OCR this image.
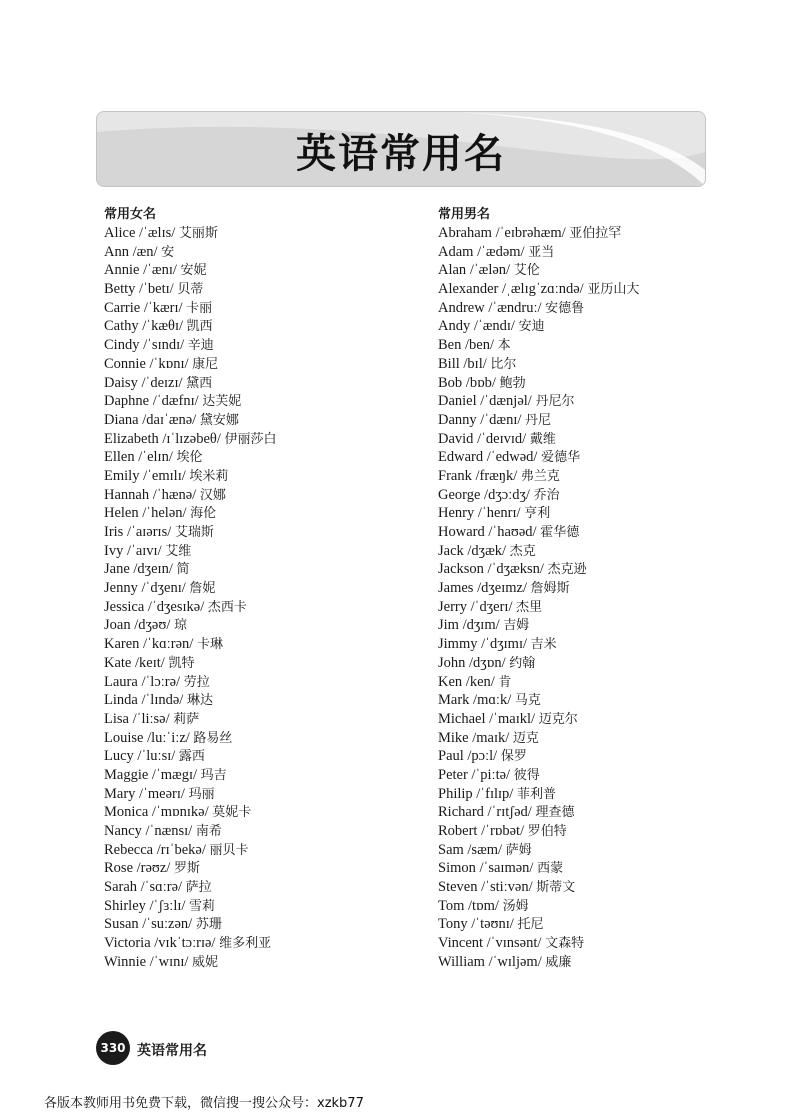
英语常用名
常用女名
Alice /ˈælɪs/ 艾丽斯
Ann /æn/ 安
Annie /ˈænɪ/ 安妮
Betty /ˈbetɪ/ 贝蒂
Carrie /ˈkærɪ/ 卡丽
Cathy /ˈkæθɪ/ 凯西
Cindy /ˈsɪndɪ/ 辛迪
Connie /ˈkɒnɪ/ 康尼
Daisy /ˈdeɪzɪ/ 黛西
Daphne /ˈdæfnɪ/ 达芙妮
Diana /daɪˈænə/ 黛安娜
Elizabeth /ɪˈlɪzəbeθ/ 伊丽莎白
Ellen /ˈelɪn/ 埃伦
Emily /ˈemɪlɪ/ 埃米莉
Hannah /ˈhænə/ 汉娜
Helen /ˈhelən/ 海伦
Iris /ˈaɪərɪs/ 艾瑞斯
Ivy /ˈaɪvɪ/ 艾维
Jane /dʒeɪn/ 简
Jenny /ˈdʒenɪ/ 詹妮
Jessica /ˈdʒesɪkə/ 杰西卡
Joan /dʒəʊ/ 琼
Karen /ˈkɑːrən/ 卡琳
Kate /keɪt/ 凯特
Laura /ˈlɔːrə/ 劳拉
Linda /ˈlɪndə/ 琳达
Lisa /ˈliːsə/ 莉萨
Louise /luːˈiːz/ 路易丝
Lucy /ˈluːsɪ/ 露西
Maggie /ˈmægɪ/ 玛吉
Mary /ˈmeərɪ/ 玛丽
Monica /ˈmɒnɪkə/ 莫妮卡
Nancy /ˈnænsɪ/ 南希
Rebecca /rɪˈbekə/ 丽贝卡
Rose /rəʊz/ 罗斯
Sarah /ˈsɑːrə/ 萨拉
Shirley /ˈʃɜːlɪ/ 雪莉
Susan /ˈsuːzən/ 苏珊
Victoria /vɪkˈtɔːrɪə/ 维多利亚
Winnie /ˈwɪnɪ/ 威妮
常用男名
Abraham /ˈeɪbrəhæm/ 亚伯拉罕
Adam /ˈædəm/ 亚当
Alan /ˈælən/ 艾伦
Alexander /ˌælɪgˈzɑːndə/ 亚历山大
Andrew /ˈændruː/ 安德鲁
Andy /ˈændɪ/ 安迪
Ben /ben/ 本
Bill /bɪl/ 比尔
Bob /bɒb/ 鲍勃
Daniel /ˈdænjəl/ 丹尼尔
Danny /ˈdænɪ/ 丹尼
David /ˈdeɪvɪd/ 戴维
Edward /ˈedwəd/ 爱德华
Frank /fræŋk/ 弗兰克
George /dʒɔːdʒ/ 乔治
Henry /ˈhenrɪ/ 亨利
Howard /ˈhaʊəd/ 霍华德
Jack /dʒæk/ 杰克
Jackson /ˈdʒæksn/ 杰克逊
James /dʒeɪmz/ 詹姆斯
Jerry /ˈdʒerɪ/ 杰里
Jim /dʒɪm/ 吉姆
Jimmy /ˈdʒɪmɪ/ 吉米
John /dʒɒn/ 约翰
Ken /ken/ 肯
Mark /mɑːk/ 马克
Michael /ˈmaɪkl/ 迈克尔
Mike /maɪk/ 迈克
Paul /pɔːl/ 保罗
Peter /ˈpiːtə/ 彼得
Philip /ˈfɪlɪp/ 菲利普
Richard /ˈrɪtʃəd/ 理查德
Robert /ˈrɒbət/ 罗伯特
Sam /sæm/ 萨姆
Simon /ˈsaɪmən/ 西蒙
Steven /ˈstiːvən/ 斯蒂文
Tom /tɒm/ 汤姆
Tony /ˈtəʊnɪ/ 托尼
Vincent /ˈvɪnsənt/ 文森特
William /ˈwɪljəm/ 威廉
330 英语常用名
各版本教师用书免费下载，微信搜一搜公众号：xzkb77
